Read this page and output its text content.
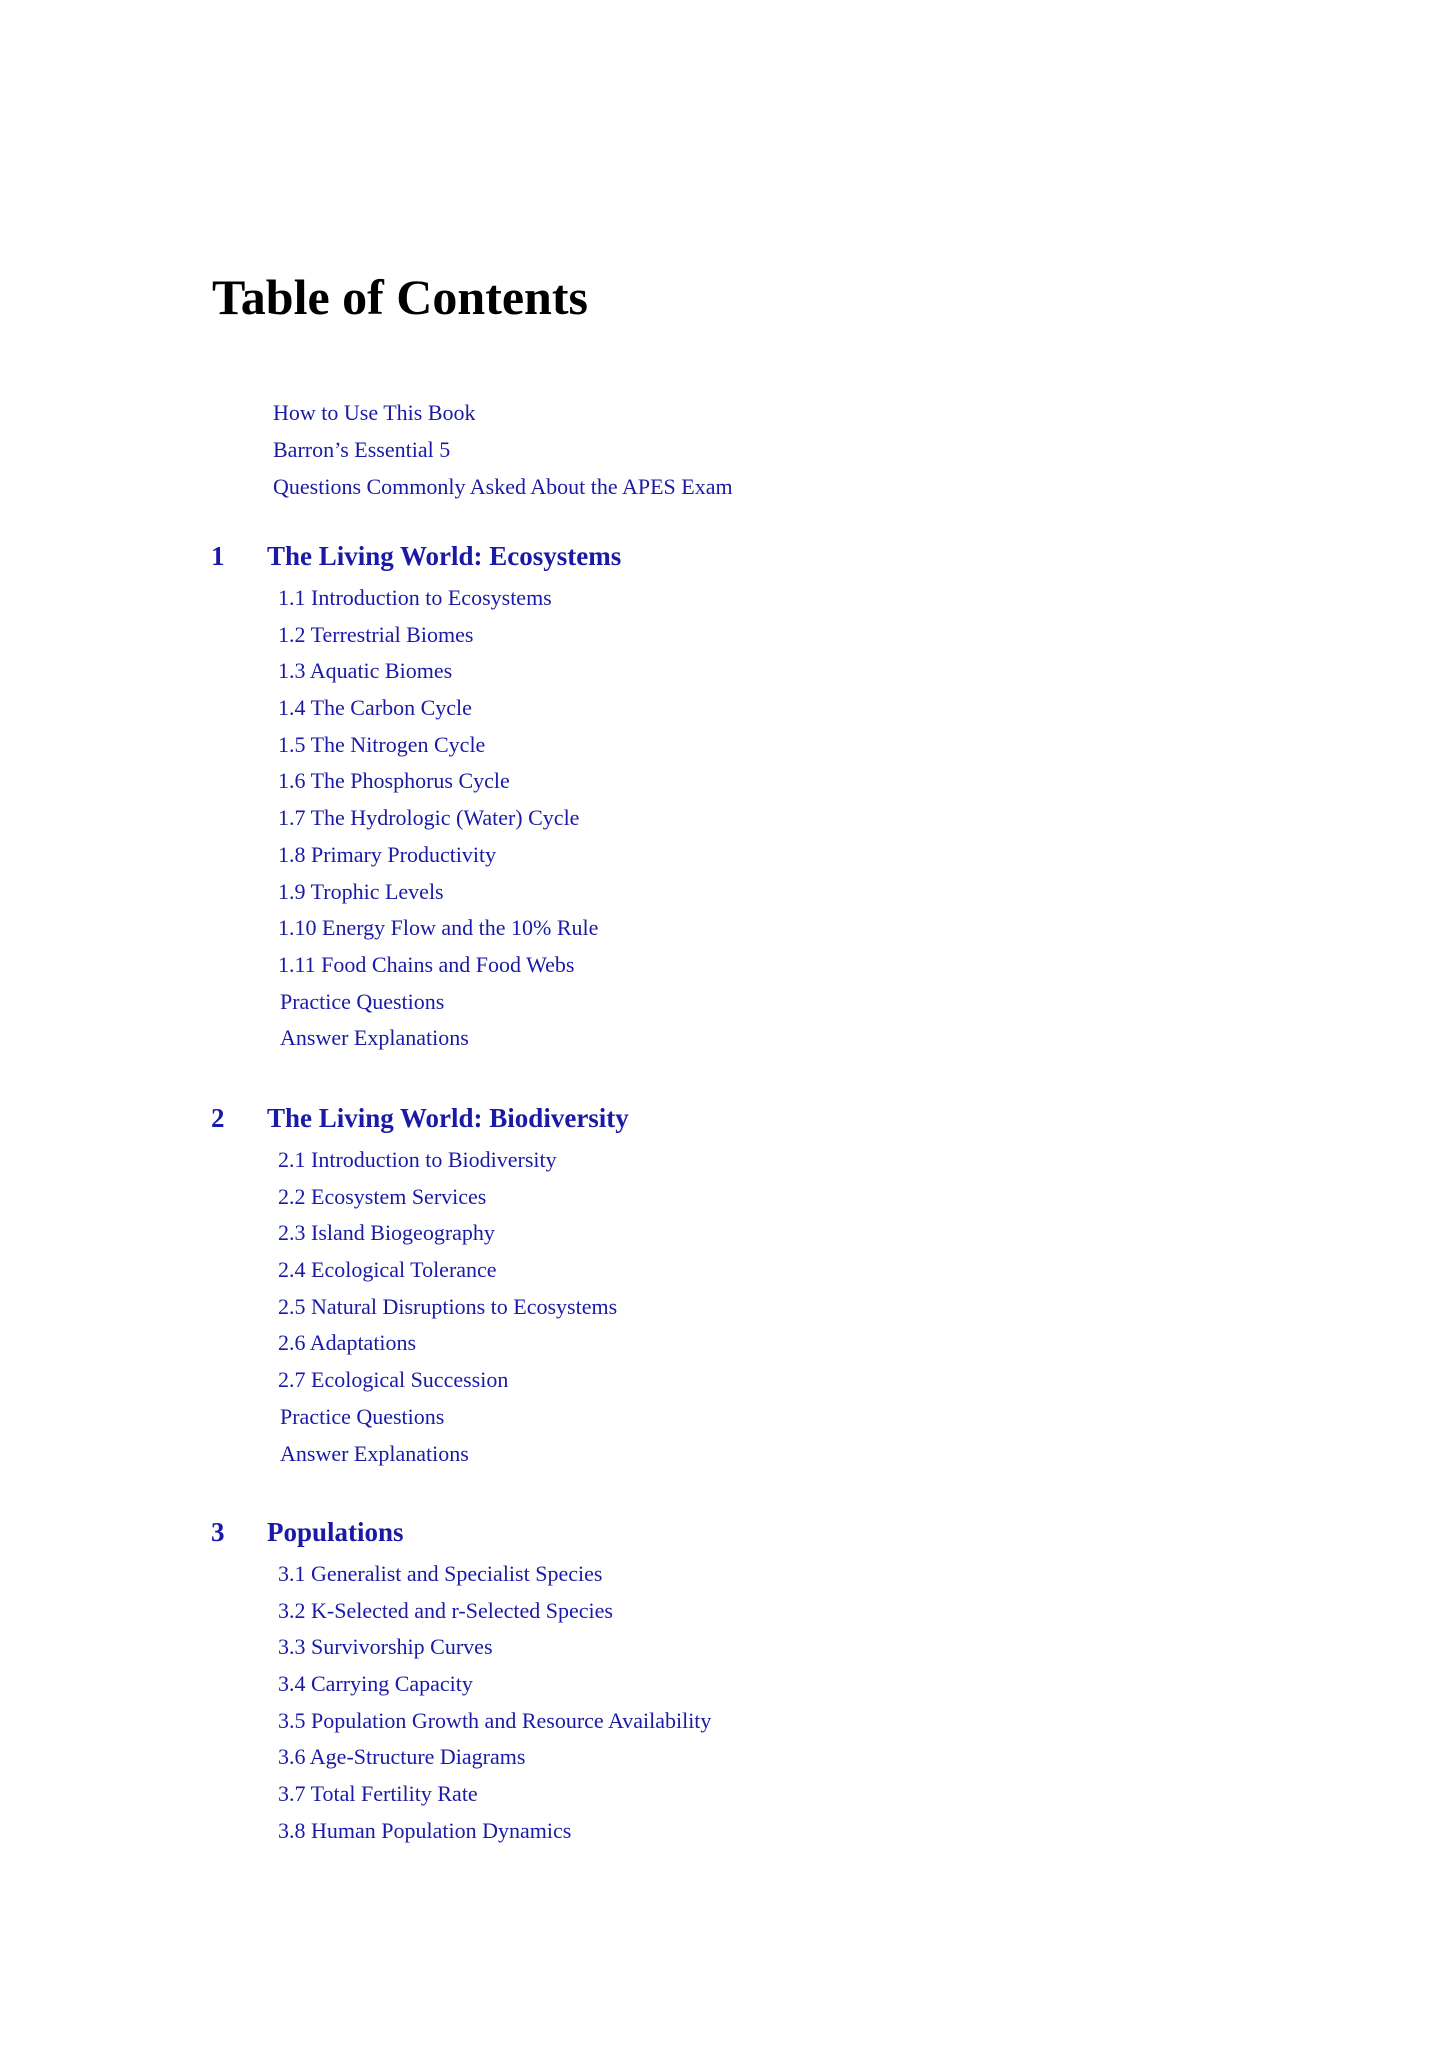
Table of Contents
How to Use This Book
Barron’s Essential 5
Questions Commonly Asked About the APES Exam
1 The Living World: Ecosystems
1.1 Introduction to Ecosystems
1.2 Terrestrial Biomes
1.3 Aquatic Biomes
1.4 The Carbon Cycle
1.5 The Nitrogen Cycle
1.6 The Phosphorus Cycle
1.7 The Hydrologic (Water) Cycle
1.8 Primary Productivity
1.9 Trophic Levels
1.10 Energy Flow and the 10% Rule
1.11 Food Chains and Food Webs
Practice Questions
Answer Explanations
2 The Living World: Biodiversity
2.1 Introduction to Biodiversity
2.2 Ecosystem Services
2.3 Island Biogeography
2.4 Ecological Tolerance
2.5 Natural Disruptions to Ecosystems
2.6 Adaptations
2.7 Ecological Succession
Practice Questions
Answer Explanations
3 Populations
3.1 Generalist and Specialist Species
3.2 K-Selected and r-Selected Species
3.3 Survivorship Curves
3.4 Carrying Capacity
3.5 Population Growth and Resource Availability
3.6 Age-Structure Diagrams
3.7 Total Fertility Rate
3.8 Human Population Dynamics
